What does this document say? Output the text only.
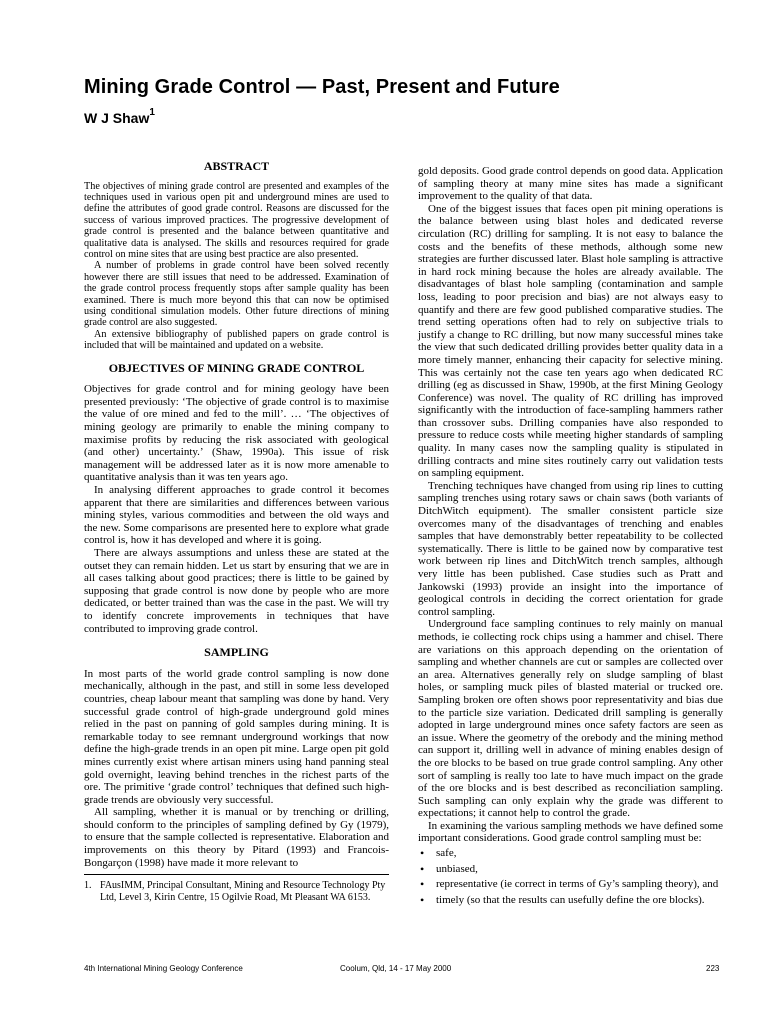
Mining Grade Control — Past, Present and Future
W J Shaw$^1$
ABSTRACT

The objectives of mining grade control are presented and examples of the techniques used in various open pit and underground mines are used to define the attributes of good grade control. Reasons are discussed for the success of various improved practices. The progressive development of grade control is presented and the balance between quantitative and qualitative data is analysed. The skills and resources required for grade control on mine sites that are using best practice are also presented.

A number of problems in grade control have been solved recently however there are still issues that need to be addressed. Examination of the grade control process frequently stops after sample quality has been examined. There is much more beyond this that can now be optimised using conditional simulation models. Other future directions of mining grade control are also suggested.

An extensive bibliography of published papers on grade control is included that will be maintained and updated on a website.

OBJECTIVES OF MINING GRADE CONTROL

Objectives for grade control and for mining geology have been presented previously: ‘The objective of grade control is to maximise the value of ore mined and fed to the mill’. … ‘The objectives of mining geology are primarily to enable the mining company to maximise profits by reducing the risk associated with geological (and other) uncertainty.’ (Shaw, 1990a). This issue of risk management will be addressed later as it is now more amenable to quantitative analysis than it was ten years ago.

In analysing different approaches to grade control it becomes apparent that there are similarities and differences between various mining styles, various commodities and between the old ways and the new. Some comparisons are presented here to explore what grade control is, how it has developed and where it is going.

There are always assumptions and unless these are stated at the outset they can remain hidden. Let us start by ensuring that we are in all cases talking about good practices; there is little to be gained by supposing that grade control is now done by people who are more dedicated, or better trained than was the case in the past. We will try to identify concrete improvements in techniques that have contributed to improving grade control.

SAMPLING

In most parts of the world grade control sampling is now done mechanically, although in the past, and still in some less developed countries, cheap labour meant that sampling was done by hand. Very successful grade control of high-grade underground gold mines relied in the past on panning of gold samples during mining. It is remarkable today to see remnant underground workings that now define the high-grade trends in an open pit mine. Large open pit gold mines currently exist where artisan miners using hand panning steal gold overnight, leaving behind trenches in the richest parts of the ore. The primitive ‘grade control’ techniques that defined such high-grade trends are obviously very successful.

All sampling, whether it is manual or by trenching or drilling, should conform to the principles of sampling defined by Gy (1979), to ensure that the sample collected is representative. Elaboration and improvements on this theory by Pitard (1993) and Francois-Bongarçon (1998) have made it more relevant to

1. FAusIMM, Principal Consultant, Mining and Resource Technology Pty Ltd, Level 3, Kirin Centre, 15 Ogilvie Road, Mt Pleasant WA 6153.

gold deposits. Good grade control depends on good data. Application of sampling theory at many mine sites has made a significant improvement to the quality of that data.

One of the biggest issues that faces open pit mining operations is the balance between using blast holes and dedicated reverse circulation (RC) drilling for sampling. It is not easy to balance the costs and the benefits of these methods, although some new strategies are further discussed later. Blast hole sampling is attractive in hard rock mining because the holes are already available. The disadvantages of blast hole sampling (contamination and sample loss, leading to poor precision and bias) are not always easy to quantify and there are few good published comparative studies. The trend setting operations often had to rely on subjective trials to justify a change to RC drilling, but now many successful mines take the view that such dedicated drilling provides better quality data in a more timely manner, enhancing their capacity for selective mining. This was certainly not the case ten years ago when dedicated RC drilling (eg as discussed in Shaw, 1990b, at the first Mining Geology Conference) was novel. The quality of RC drilling has improved significantly with the introduction of face-sampling hammers rather than crossover subs. Drilling companies have also responded to pressure to reduce costs while meeting higher standards of sampling quality. In many cases now the sampling quality is stipulated in drilling contracts and mine sites routinely carry out validation tests on sampling equipment.

Trenching techniques have changed from using rip lines to cutting sampling trenches using rotary saws or chain saws (both variants of DitchWitch equipment). The smaller consistent particle size overcomes many of the disadvantages of trenching and enables samples that have demonstrably better repeatability to be collected systematically. There is little to be gained now by comparative test work between rip lines and DitchWitch trench samples, although very little has been published. Case studies such as Pratt and Jankowski (1993) provide an insight into the importance of geological controls in deciding the correct orientation for grade control sampling.

Underground face sampling continues to rely mainly on manual methods, ie collecting rock chips using a hammer and chisel. There are variations on this approach depending on the orientation of sampling and whether channels are cut or samples are collected over an area. Alternatives generally rely on sludge sampling of blast holes, or sampling muck piles of blasted material or trucked ore. Sampling broken ore often shows poor representativity and bias due to the particle size variation. Dedicated drill sampling is generally adopted in large underground mines once safety factors are seen as an issue. Where the geometry of the orebody and the mining method can support it, drilling well in advance of mining enables design of the ore blocks to be based on true grade control sampling. Any other sort of sampling is really too late to have much impact on the grade of the ore blocks and is best described as reconciliation sampling. Such sampling can only explain why the grade was different to expectations; it cannot help to control the grade.

In examining the various sampling methods we have defined some important considerations. Good grade control sampling must be:

• safe,
• unbiased,
• representative (ie correct in terms of Gy’s sampling theory), and
• timely (so that the results can usefully define the ore blocks).
4th International Mining Geology Conference	Coolum, Qld, 14 - 17 May 2000	223
